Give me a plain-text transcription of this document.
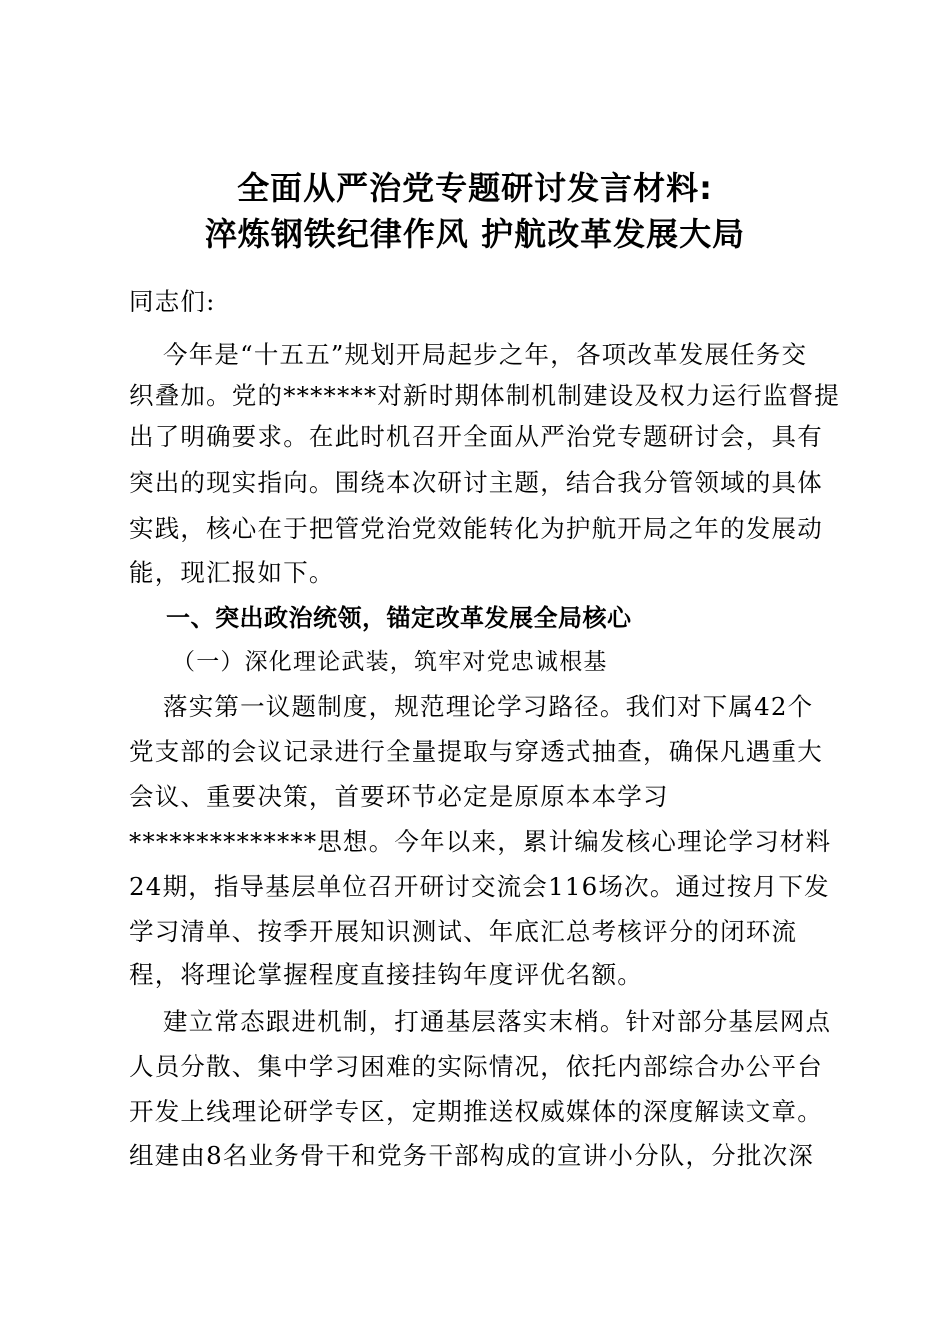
全面从严治党专题研讨发言材料:
淬炼钢铁纪律作风 护航改革发展大局
同志们:
今年是“十五五”规划开局起步之年，各项改革发展任务交
织叠加。党的*******对新时期体制机制建设及权力运行监督提
出了明确要求。在此时机召开全面从严治党专题研讨会，具有
突出的现实指向。围绕本次研讨主题，结合我分管领域的具体
实践，核心在于把管党治党效能转化为护航开局之年的发展动
能，现汇报如下。
一、突出政治统领，锚定改革发展全局核心
（一）深化理论武装，筑牢对党忠诚根基
落实第一议题制度，规范理论学习路径。我们对下属42个
党支部的会议记录进行全量提取与穿透式抽查，确保凡遇重大
会议、重要决策，首要环节必定是原原本本学习
**************思想。今年以来，累计编发核心理论学习材料
24期，指导基层单位召开研讨交流会116场次。通过按月下发
学习清单、按季开展知识测试、年底汇总考核评分的闭环流
程，将理论掌握程度直接挂钩年度评优名额。
建立常态跟进机制，打通基层落实末梢。针对部分基层网点
人员分散、集中学习困难的实际情况，依托内部综合办公平台
开发上线理论研学专区，定期推送权威媒体的深度解读文章。
组建由8名业务骨干和党务干部构成的宣讲小分队，分批次深
